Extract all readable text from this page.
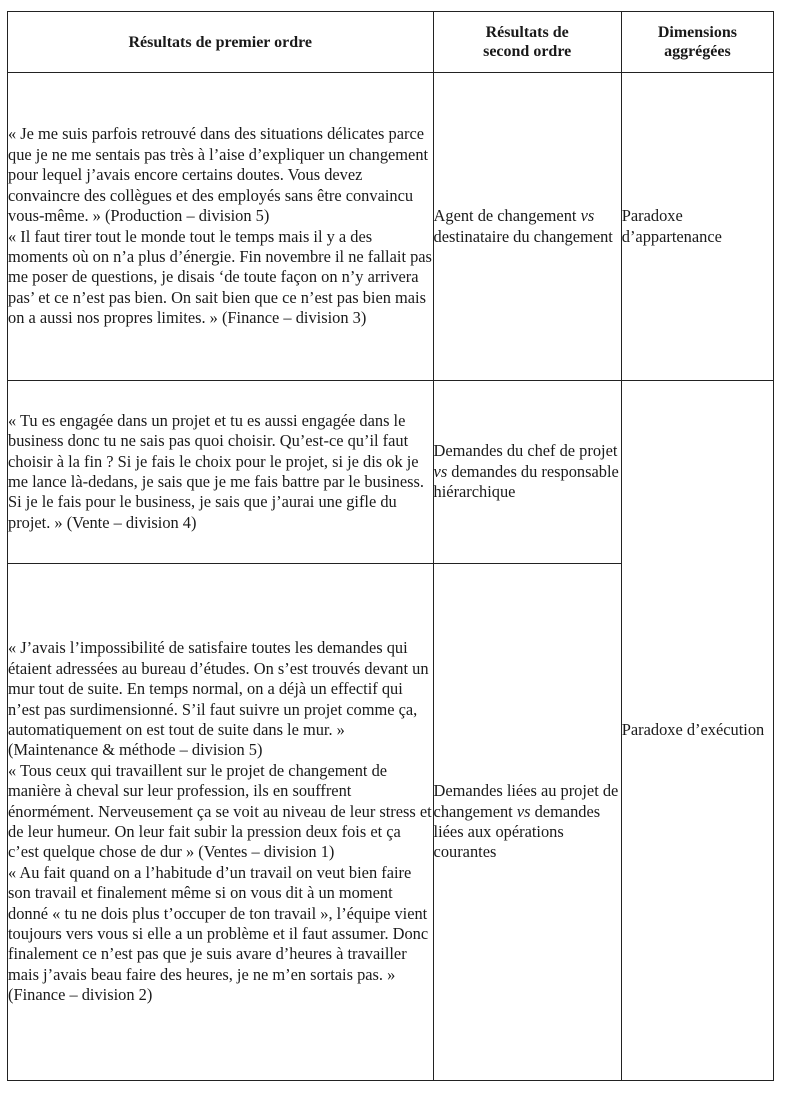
Résultats de premier ordre	Résultats de
second ordre	Dimensions
aggrégées

« Je me suis parfois retrouvé dans des situations délicates parce que je ne me sentais pas très à l’aise d’expliquer un changement pour lequel j’avais encore certains doutes. Vous devez convaincre des collègues et des employés sans être convaincu vous-même. » (Production – division 5)
« Il faut tirer tout le monde tout le temps mais il y a des moments où on n’a plus d’énergie. Fin novembre il ne fallait pas me poser de questions, je disais ‘de toute façon on n’y arrivera pas’ et ce n’est pas bien. On sait bien que ce n’est pas bien mais on a aussi nos propres limites. » (Finance – division 3)	Agent de changement vs destinataire du changement	Paradoxe d’appartenance

« Tu es engagée dans un projet et tu es aussi engagée dans le business donc tu ne sais pas quoi choisir. Qu’est-ce qu’il faut choisir à la fin ? Si je fais le choix pour le projet, si je dis ok je me lance là-dedans, je sais que je me fais battre par le business. Si je le fais pour le business, je sais que j’aurai une gifle du projet. » (Vente – division 4)	Demandes du chef de projet vs demandes du responsable hiérarchique	Paradoxe d’exécution

« J’avais l’impossibilité de satisfaire toutes les demandes qui étaient adressées au bureau d’études. On s’est trouvés devant un mur tout de suite. En temps normal, on a déjà un effectif qui n’est pas surdimensionné. S’il faut suivre un projet comme ça, automatiquement on est tout de suite dans le mur. » (Maintenance & méthode – division 5)
« Tous ceux qui travaillent sur le projet de changement de manière à cheval sur leur profession, ils en souffrent énormément. Nerveusement ça se voit au niveau de leur stress et de leur humeur. On leur fait subir la pression deux fois et ça c’est quelque chose de dur » (Ventes – division 1)
« Au fait quand on a l’habitude d’un travail on veut bien faire son travail et finalement même si on vous dit à un moment donné « tu ne dois plus t’occuper de ton travail », l’équipe vient toujours vers vous si elle a un problème et il faut assumer. Donc finalement ce n’est pas que je suis avare d’heures à travailler mais j’avais beau faire des heures, je ne m’en sortais pas. » (Finance – division 2)	Demandes liées au projet de changement vs demandes liées aux opérations courantes	
